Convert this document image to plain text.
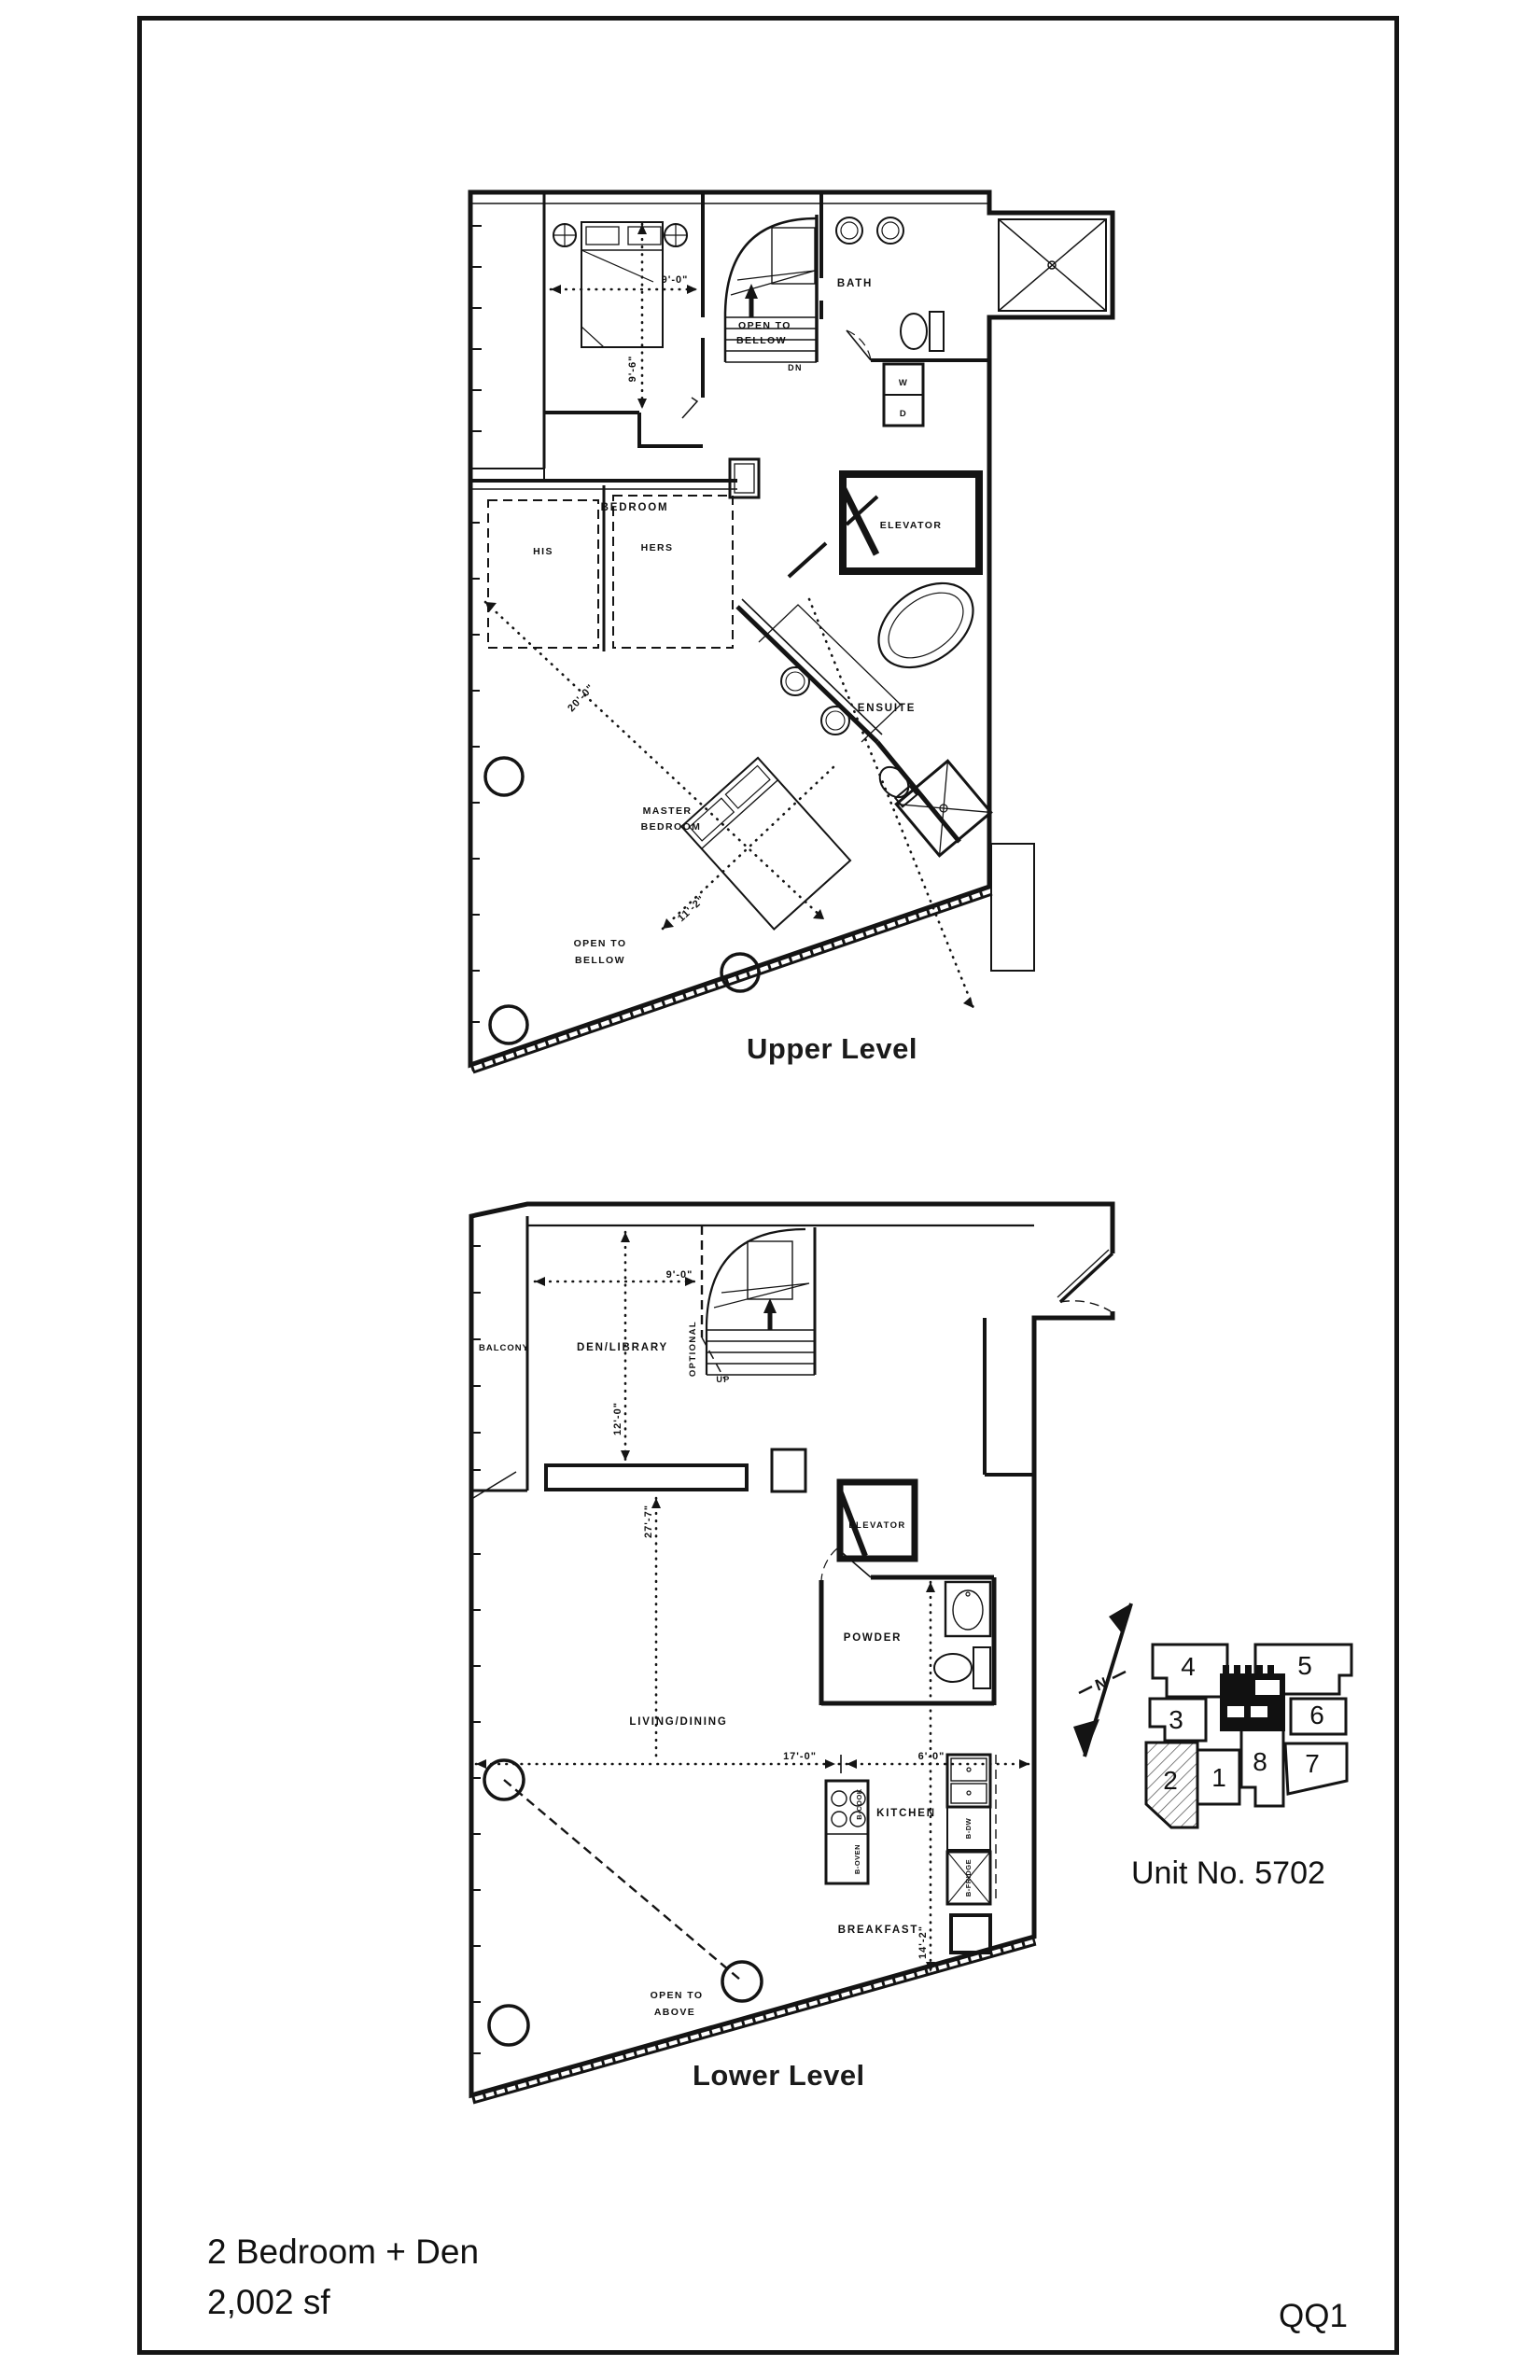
BEDROOM
9'-0"
9'-6"
OPEN TO
BELLOW
BATH
DN
W
D
HIS	HERS
ELEVATOR
ENSUITE
MASTER
BEDROOM
20'-0"
11'-2"
OPEN TO
BELLOW
BALCONY	DEN/LIBRARY OPTIONAL
UP
9'-0"
12'-0"
27'-7"	ELEVATOR
POWDER
LIVING/DINING
KITCHEN
BREAKFAST
17'-0"	6'-0"
14'-2"
B-COOK
B-OVEN
B-DW
B-FRIDGE
OPEN TO
ABOVE
N
4	5
3	6
2 1
8 7
Upper Level
Lower Level
Unit No. 5702
2 Bedroom + Den
2,002 sf	QQ1
